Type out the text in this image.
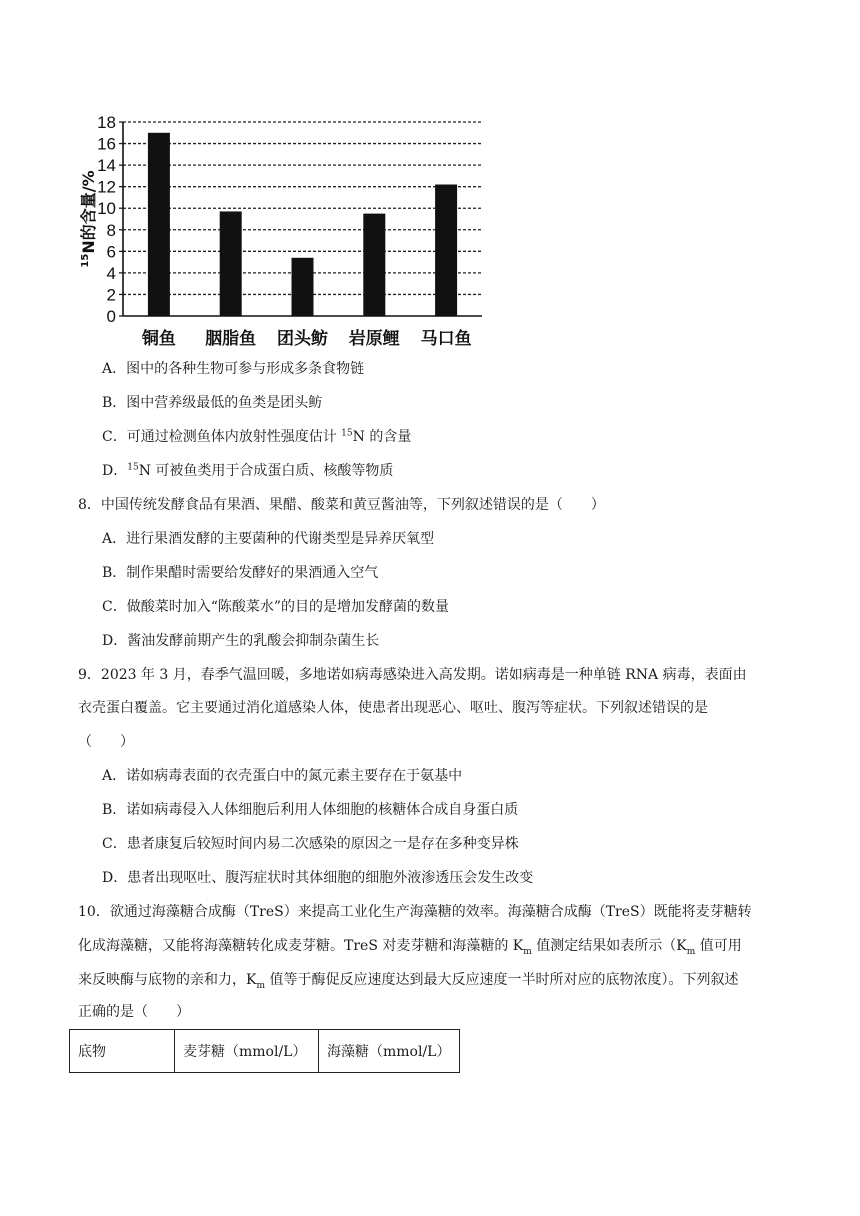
0
2
4
6
8
10
12
14
16
18
铜鱼 胭脂鱼 团头鲂 岩原鲤 马口鱼
$^{15}$N的含量/%
A．图中的各种生物可参与形成多条食物链
B．图中营养级最低的鱼类是团头鲂
C．可通过检测鱼体内放射性强度估计 $^{15}$N 的含量
D．$^{15}$N 可被鱼类用于合成蛋白质、核酸等物质
8．中国传统发酵食品有果酒、果醋、酸菜和黄豆酱油等，下列叙述错误的是（　　）
A．进行果酒发酵的主要菌种的代谢类型是异养厌氧型
B．制作果醋时需要给发酵好的果酒通入空气
C．做酸菜时加入“陈酸菜水”的目的是增加发酵菌的数量
D．酱油发酵前期产生的乳酸会抑制杂菌生长
9．2023 年 3 月，春季气温回暖，多地诺如病毒感染进入高发期。诺如病毒是一种单链 RNA 病毒，表面由
衣壳蛋白覆盖。它主要通过消化道感染人体，使患者出现恶心、呕吐、腹泻等症状。下列叙述错误的是
（　　）
A．诺如病毒表面的衣壳蛋白中的氮元素主要存在于氨基中
B．诺如病毒侵入人体细胞后利用人体细胞的核糖体合成自身蛋白质
C．患者康复后较短时间内易二次感染的原因之一是存在多种变异株
D．患者出现呕吐、腹泻症状时其体细胞的细胞外液渗透压会发生改变
10．欲通过海藻糖合成酶（TreS）来提高工业化生产海藻糖的效率。海藻糖合成酶（TreS）既能将麦芽糖转
化成海藻糖，又能将海藻糖转化成麦芽糖。TreS 对麦芽糖和海藻糖的 $K_m$ 值测定结果如表所示（$K_m$ 值可用
来反映酶与底物的亲和力，$K_m$ 值等于酶促反应速度达到最大反应速度一半时所对应的底物浓度）。下列叙述
正确的是（　　）
底物	麦芽糖（mmol/L）	海藻糖（mmol/L）
